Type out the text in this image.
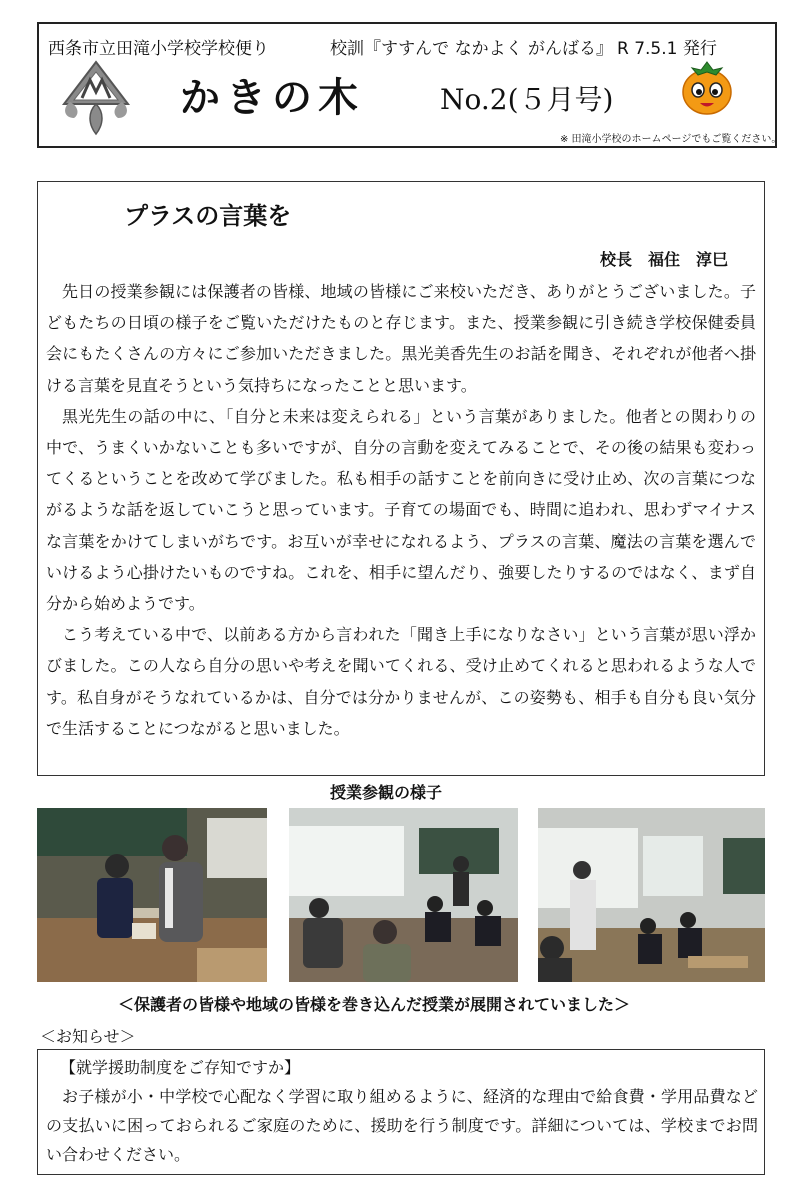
西条市立田滝小学校学校便り	校訓『すすんで なかよく がんばる』 R 7.5.1 発行
かきの木	No.2(５月号)
※ 田滝小学校のホームページでもご覧ください。
プラスの言葉を
校長　福住　淳巳

先日の授業参観には保護者の皆様、地域の皆様にご来校いただき、ありがとうございました。子どもたちの日頃の様子をご覧いただけたものと存じます。また、授業参観に引き続き学校保健委員会にもたくさんの方々にご参加いただきました。黒光美香先生のお話を聞き、それぞれが他者へ掛ける言葉を見直そうという気持ちになったことと思います。

黒光先生の話の中に、「自分と未来は変えられる」という言葉がありました。他者との関わりの中で、うまくいかないことも多いですが、自分の言動を変えてみることで、その後の結果も変わってくるということを改めて学びました。私も相手の話すことを前向きに受け止め、次の言葉につながるような話を返していこうと思っています。子育ての場面でも、時間に追われ、思わずマイナスな言葉をかけてしまいがちです。お互いが幸せになれるよう、プラスの言葉、魔法の言葉を選んでいけるよう心掛けたいものですね。これを、相手に望んだり、強要したりするのではなく、まず自分から始めようです。

こう考えている中で、以前ある方から言われた「聞き上手になりなさい」という言葉が思い浮かびました。この人なら自分の思いや考えを聞いてくれる、受け止めてくれると思われるような人です。私自身がそうなれているかは、自分では分かりませんが、この姿勢も、相手も自分も良い気分で生活することにつながると思いました。

授業参観の様子
＜保護者の皆様や地域の皆様を巻き込んだ授業が展開されていました＞
＜お知らせ＞
【就学援助制度をご存知ですか】
お子様が小・中学校で心配なく学習に取り組めるように、経済的な理由で給食費・学用品費などの支払いに困っておられるご家庭のために、援助を行う制度です。詳細については、学校までお問い合わせください。
